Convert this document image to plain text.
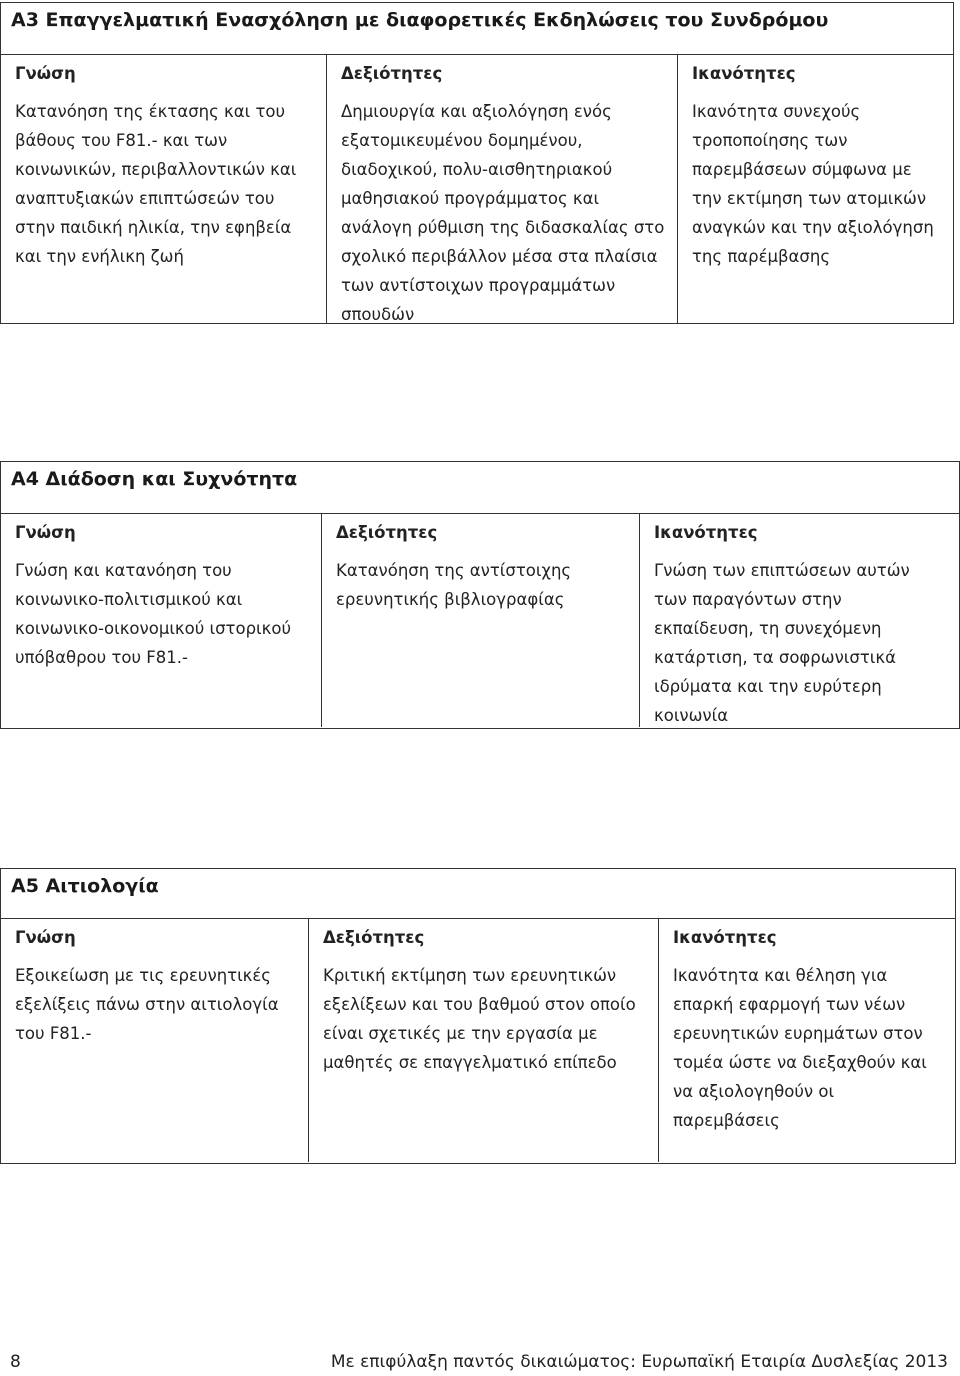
Α3 Επαγγελματική Ενασχόληση με διαφορετικές Εκδηλώσεις του Συνδρόμου
Γνώση
Κατανόηση της έκτασης και του βάθους του F81.- και των κοινωνικών, περιβαλλοντικών και αναπτυξιακών επιπτώσεών του στην παιδική ηλικία, την εφηβεία και την ενήλικη ζωή
Δεξιότητες
Δημιουργία και αξιολόγηση ενός εξατομικευμένου δομημένου, διαδοχικού, πολυ-αισθητηριακού μαθησιακού προγράμματος και ανάλογη ρύθμιση της διδασκαλίας στο σχολικό περιβάλλον μέσα στα πλαίσια των αντίστοιχων προγραμμάτων σπουδών
Ικανότητες
Ικανότητα συνεχούς τροποποίησης των παρεμβάσεων σύμφωνα με την εκτίμηση των ατομικών αναγκών και την αξιολόγηση της παρέμβασης
Α4 Διάδοση και Συχνότητα
Γνώση
Γνώση και κατανόηση του κοινωνικο-πολιτισμικού και κοινωνικο-οικονομικού ιστορικού υπόβαθρου του F81.-
Δεξιότητες
Κατανόηση της αντίστοιχης ερευνητικής βιβλιογραφίας
Ικανότητες
Γνώση των επιπτώσεων αυτών των παραγόντων στην εκπαίδευση, τη συνεχόμενη κατάρτιση, τα σοφρωνιστικά ιδρύματα και την ευρύτερη κοινωνία
Α5 Αιτιολογία
Γνώση
Εξοικείωση με τις ερευνητικές εξελίξεις πάνω στην αιτιολογία του F81.-
Δεξιότητες
Κριτική εκτίμηση των ερευνητικών εξελίξεων και του βαθμού στον οποίο είναι σχετικές με την εργασία με μαθητές σε επαγγελματικό επίπεδο
Ικανότητες
Ικανότητα και θέληση για επαρκή εφαρμογή των νέων ερευνητικών ευρημάτων στον τομέα ώστε να διεξαχθούν και να αξιολογηθούν οι παρεμβάσεις
8	Με επιφύλαξη παντός δικαιώματος: Ευρωπαϊκή Εταιρία Δυσλεξίας 2013
